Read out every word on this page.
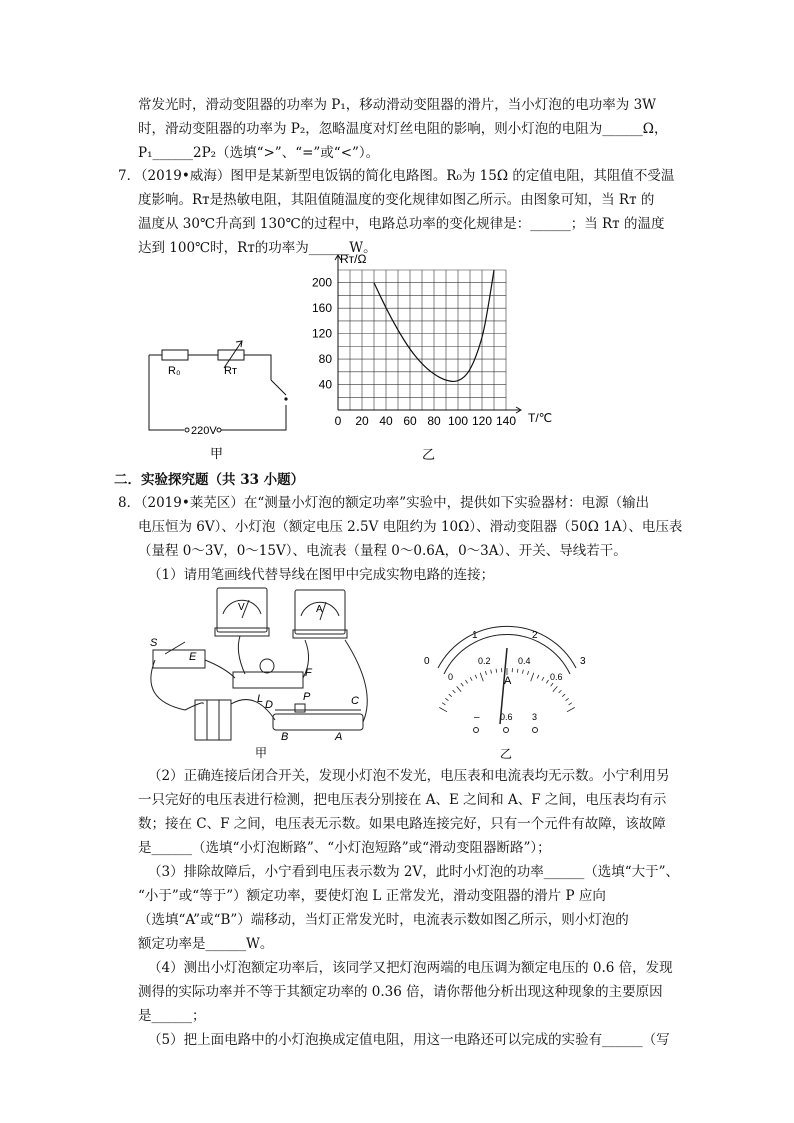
常发光时，滑动变阻器的功率为 P₁，移动滑动变阻器的滑片，当小灯泡的电功率为 3W
时，滑动变阻器的功率为 P₂，忽略温度对灯丝电阻的影响，则小灯泡的电阻为______Ω，
P₁______2P₂（选填“>”、“=”或“<”）。
7．
（2019•威海）图甲是某新型电饭锅的简化电路图。R₀为 15Ω 的定值电阻，其阻值不受温
度影响。Rᴛ是热敏电阻，其阻值随温度的变化规律如图乙所示。由图象可知，当 Rᴛ 的
温度从 30℃升高到 130℃的过程中，电路总功率的变化规律是：______；当 Rᴛ 的温度
达到 100℃时，Rᴛ的功率为______W。
R₀	Rᴛ
220V
甲
0 20 40 60 80 100 120 140
40
80
120
160
200
Rᴛ/Ω
T/℃
乙
二．实验探究题（共 33 小题）
8．
（2019•莱芜区）在“测量小灯泡的额定功率”实验中，提供如下实验器材：电源（输出
电压恒为 6V）、小灯泡（额定电压 2.5V 电阻约为 10Ω）、滑动变阻器（50Ω 1A）、电压表
（量程 0～3V，0～15V）、电流表（量程 0～0.6A，0～3A）、开关、导线若干。
（1）请用笔画线代替导线在图甲中完成实物电路的连接；
S
E
F
L D
P	C
A
B
V	A
甲
0
1	2
3
0
0.2	0.4
0.6
A
– 0.6 3
乙
（2）正确连接后闭合开关，发现小灯泡不发光，电压表和电流表均无示数。小宁利用另
一只完好的电压表进行检测，把电压表分别接在 A、E 之间和 A、F 之间，电压表均有示
数；接在 C、F 之间，电压表无示数。如果电路连接完好，只有一个元件有故障，该故障
是______（选填“小灯泡断路”、“小灯泡短路”或“滑动变阻器断路”）；
（3）排除故障后，小宁看到电压表示数为 2V，此时小灯泡的功率______（选填“大于”、
“小于”或“等于”）额定功率，要使灯泡 L 正常发光，滑动变阻器的滑片 P 应向
（选填“A”或“B”）端移动，当灯正常发光时，电流表示数如图乙所示，则小灯泡的
额定功率是______W。
（4）测出小灯泡额定功率后，该同学又把灯泡两端的电压调为额定电压的 0.6 倍，发现
测得的实际功率并不等于其额定功率的 0.36 倍，请你帮他分析出现这种现象的主要原因
是______；
（5）把上面电路中的小灯泡换成定值电阻，用这一电路还可以完成的实验有______（写
